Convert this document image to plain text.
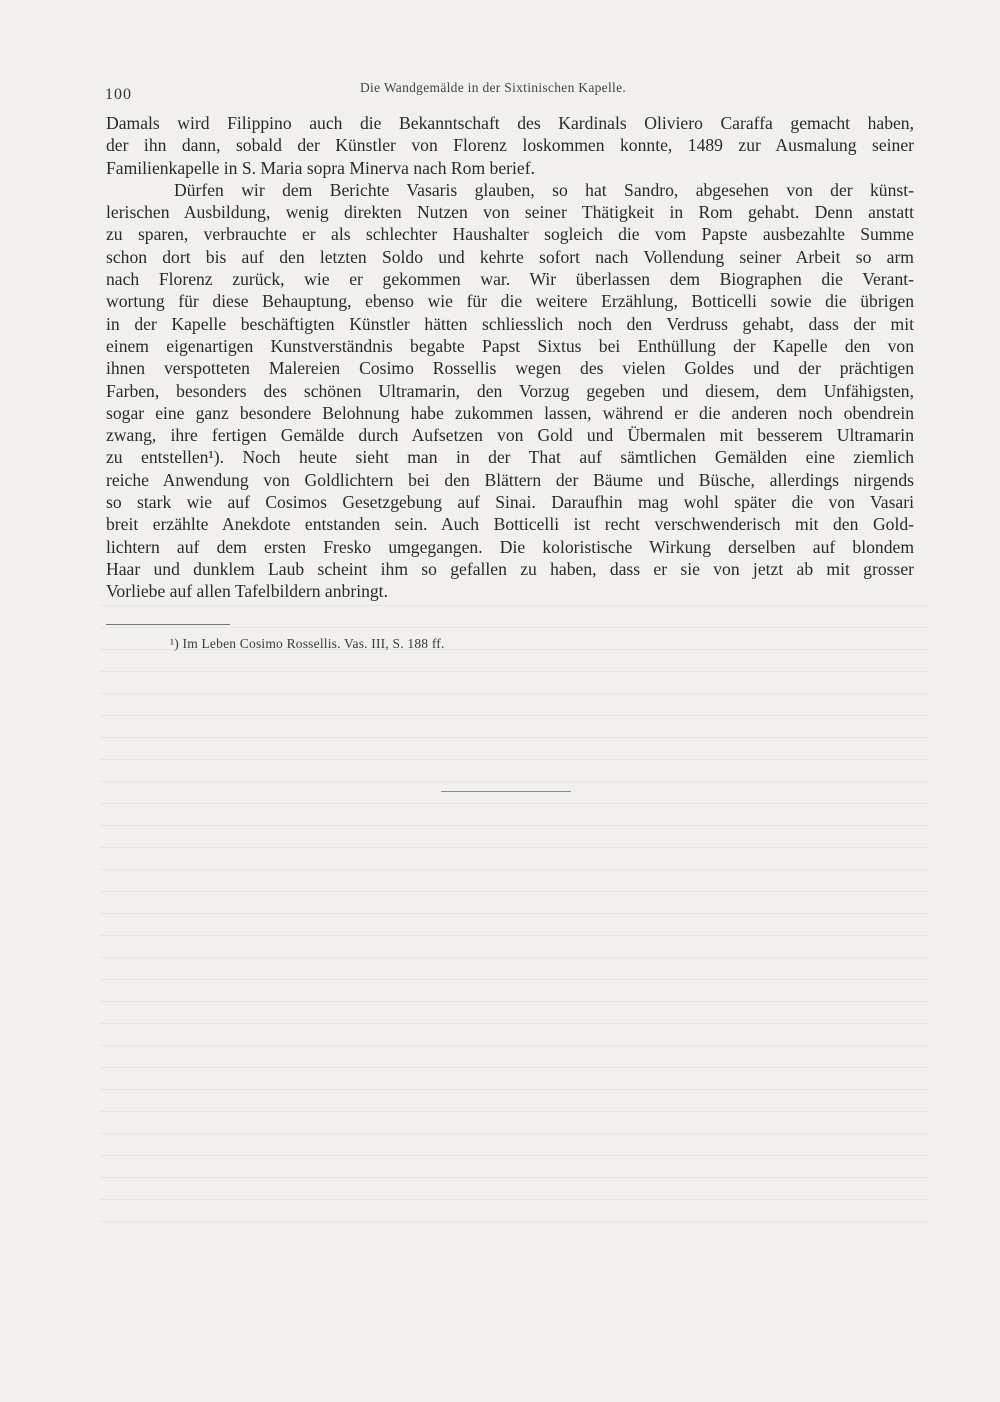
100	Die Wandgemälde in der Sixtinischen Kapelle.
Damals wird Filippino auch die Bekanntschaft des Kardinals Oliviero Caraffa gemacht haben,
der ihn dann, sobald der Künstler von Florenz loskommen konnte, 1489 zur Ausmalung seiner
Familienkapelle in S. Maria sopra Minerva nach Rom berief.
Dürfen wir dem Berichte Vasaris glauben, so hat Sandro, abgesehen von der künst-
lerischen Ausbildung, wenig direkten Nutzen von seiner Thätigkeit in Rom gehabt. Denn anstatt
zu sparen, verbrauchte er als schlechter Haushalter sogleich die vom Papste ausbezahlte Summe
schon dort bis auf den letzten Soldo und kehrte sofort nach Vollendung seiner Arbeit so arm
nach Florenz zurück, wie er gekommen war. Wir überlassen dem Biographen die Verant-
wortung für diese Behauptung, ebenso wie für die weitere Erzählung, Botticelli sowie die übrigen
in der Kapelle beschäftigten Künstler hätten schliesslich noch den Verdruss gehabt, dass der mit
einem eigenartigen Kunstverständnis begabte Papst Sixtus bei Enthüllung der Kapelle den von
ihnen verspotteten Malereien Cosimo Rossellis wegen des vielen Goldes und der prächtigen
Farben, besonders des schönen Ultramarin, den Vorzug gegeben und diesem, dem Unfähigsten,
sogar eine ganz besondere Belohnung habe zukommen lassen, während er die anderen noch obendrein
zwang, ihre fertigen Gemälde durch Aufsetzen von Gold und Übermalen mit besserem Ultramarin
zu entstellen¹). Noch heute sieht man in der That auf sämtlichen Gemälden eine ziemlich
reiche Anwendung von Goldlichtern bei den Blättern der Bäume und Büsche, allerdings nirgends
so stark wie auf Cosimos Gesetzgebung auf Sinai. Daraufhin mag wohl später die von Vasari
breit erzählte Anekdote entstanden sein. Auch Botticelli ist recht verschwenderisch mit den Gold-
lichtern auf dem ersten Fresko umgegangen. Die koloristische Wirkung derselben auf blondem
Haar und dunklem Laub scheint ihm so gefallen zu haben, dass er sie von jetzt ab mit grosser
Vorliebe auf allen Tafelbildern anbringt.
¹) Im Leben Cosimo Rossellis. Vas. III, S. 188 ff.
